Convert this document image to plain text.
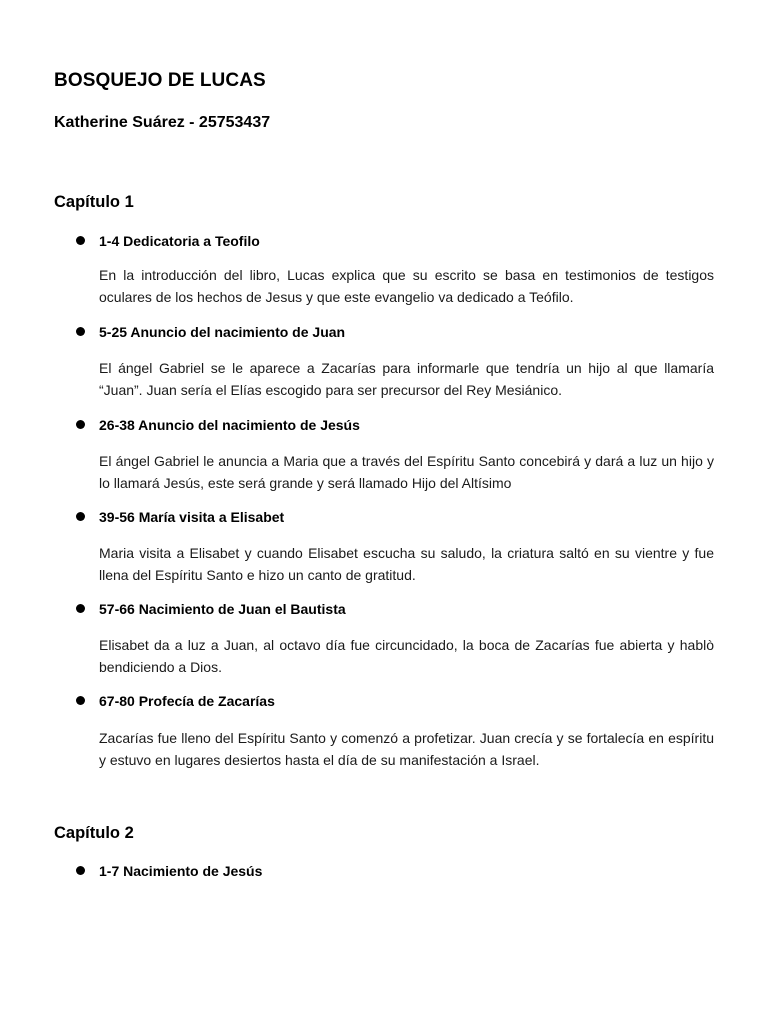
BOSQUEJO DE LUCAS
Katherine Suárez - 25753437
Capítulo 1
1-4 Dedicatoria a Teofilo

En la introducción del libro, Lucas explica que su escrito se basa en testimonios de testigos oculares de los hechos de Jesus y que este evangelio va dedicado a Teófilo.

5-25 Anuncio del nacimiento de Juan

El ángel Gabriel se le aparece a Zacarías para informarle que tendría un hijo al que llamaría “Juan”. Juan sería el Elías escogido para ser precursor del Rey Mesiánico.

26-38 Anuncio del nacimiento de Jesús

El ángel Gabriel le anuncia a Maria que a través del Espíritu Santo concebirá y dará a luz un hijo y lo llamará Jesús, este será grande y será llamado Hijo del Altísimo

39-56 María visita a Elisabet

Maria visita a Elisabet y cuando Elisabet escucha su saludo, la criatura saltó en su vientre y fue llena del Espíritu Santo e hizo un canto de gratitud.

57-66 Nacimiento de Juan el Bautista

Elisabet da a luz a Juan, al octavo día fue circuncidado, la boca de Zacarías fue abierta y hablò bendiciendo a Dios.

67-80 Profecía de Zacarías

Zacarías fue lleno del Espíritu Santo y comenzó a profetizar. Juan crecía y se fortalecía en espíritu y estuvo en lugares desiertos hasta el día de su manifestación a Israel.

Capítulo 2
1-7 Nacimiento de Jesús
